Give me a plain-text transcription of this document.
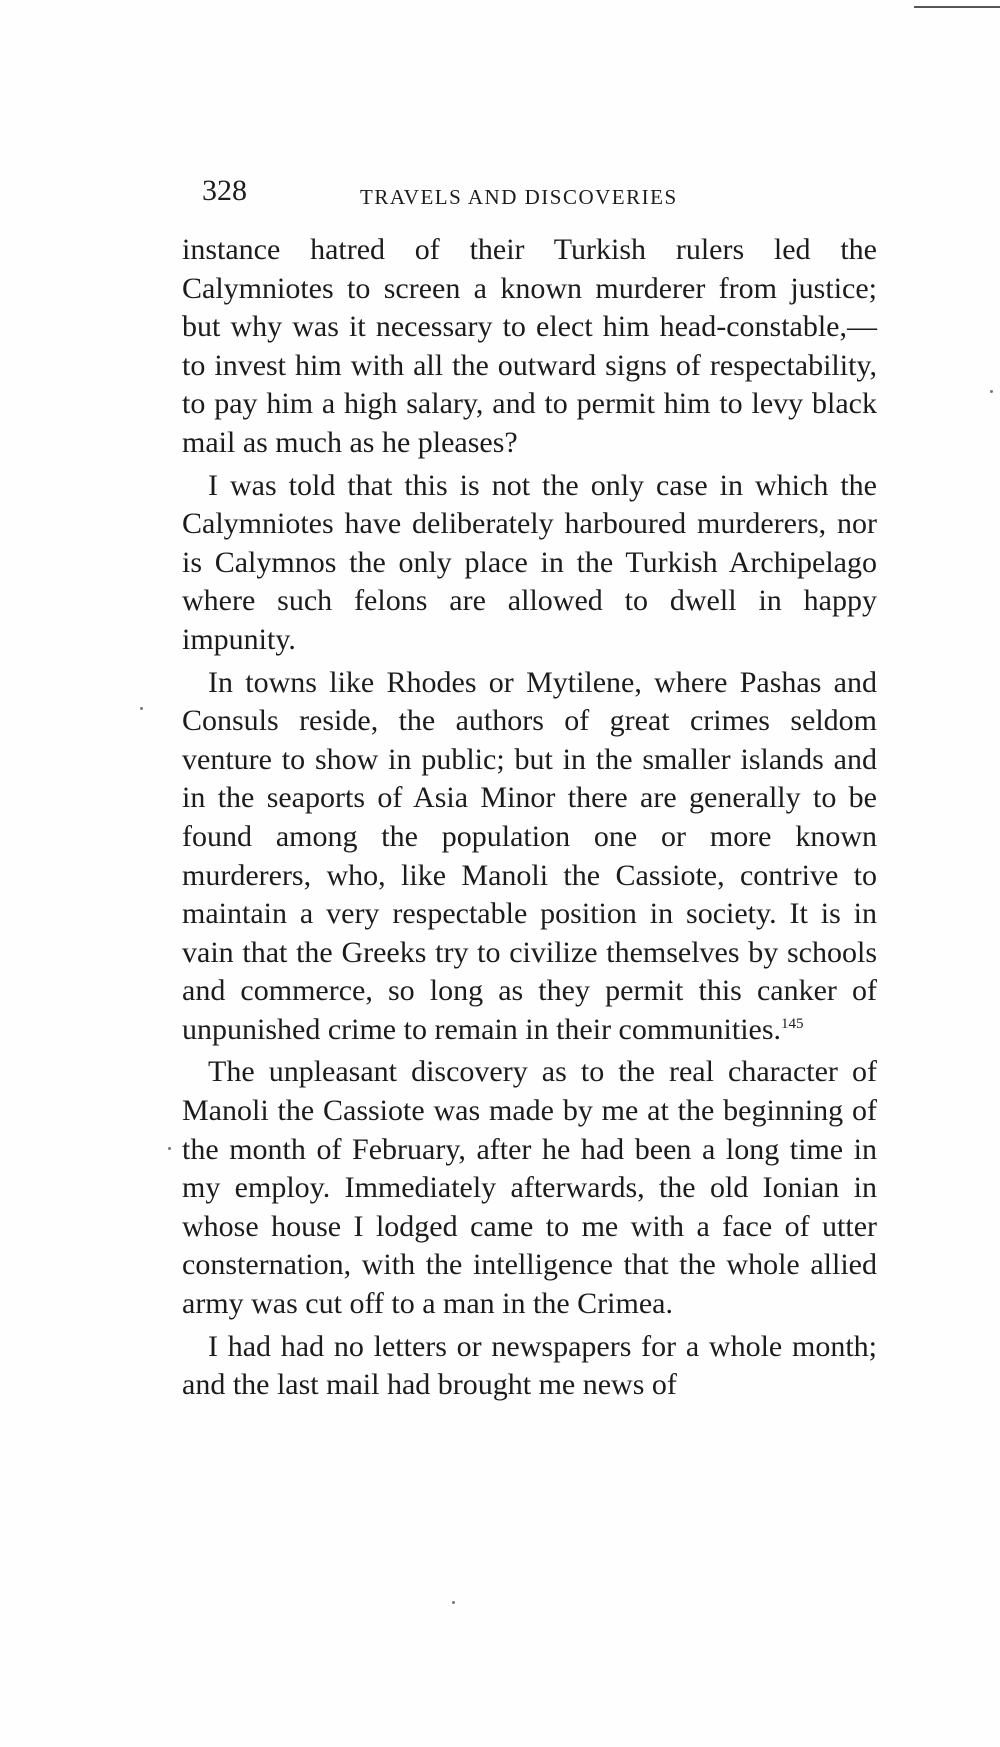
328	TRAVELS AND DISCOVERIES

instance hatred of their Turkish rulers led the Calymniotes to screen a known murderer from justice; but why was it necessary to elect him head-constable,—to invest him with all the outward signs of respectability, to pay him a high salary, and to permit him to levy black mail as much as he pleases?

I was told that this is not the only case in which the Calymniotes have deliberately harboured murderers, nor is Calymnos the only place in the Turkish Archipelago where such felons are allowed to dwell in happy impunity.

In towns like Rhodes or Mytilene, where Pashas and Consuls reside, the authors of great crimes seldom venture to show in public; but in the smaller islands and in the seaports of Asia Minor there are generally to be found among the population one or more known murderers, who, like Manoli the Cassiote, contrive to maintain a very respectable position in society. It is in vain that the Greeks try to civilize themselves by schools and commerce, so long as they permit this canker of unpunished crime to remain in their communities.$^{145}$

The unpleasant discovery as to the real character of Manoli the Cassiote was made by me at the beginning of the month of February, after he had been a long time in my employ. Immediately afterwards, the old Ionian in whose house I lodged came to me with a face of utter consternation, with the intelligence that the whole allied army was cut off to a man in the Crimea.

I had had no letters or newspapers for a whole month; and the last mail had brought me news of
